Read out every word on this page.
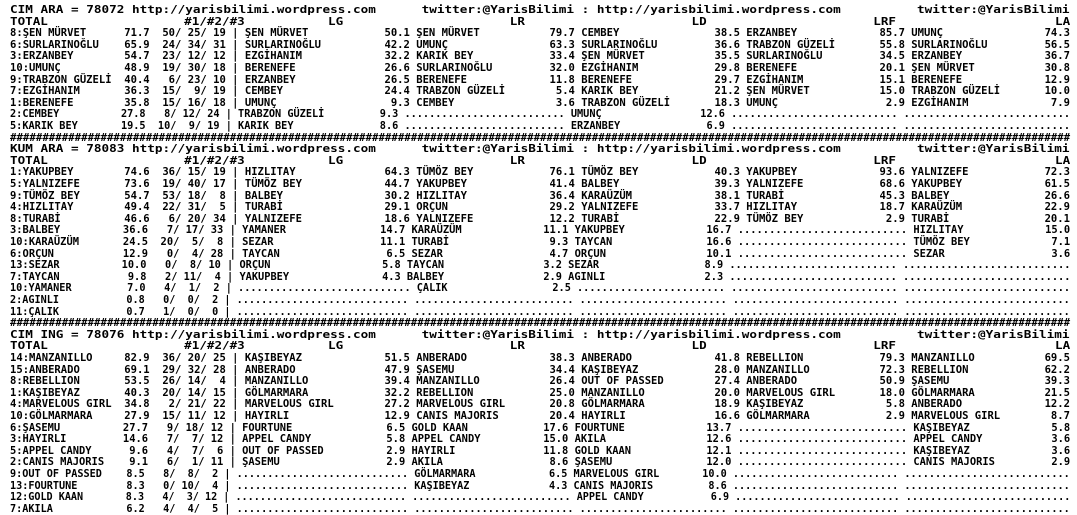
CIM ARA = 78072 http://yarisbilimi.wordpress.com      twitter:@YarisBilimi : http://yarisbilimi.wordpress.com          twitter:@YarisBilimi
TOTAL                  #1/#2/#3           LG                      LR                      LD                      LRF                     LA
8:ŞEN MÜRVET      71.7  50/ 25/ 19 | ŞEN MÜRVET            50.1 ŞEN MÜRVET           79.7 CEMBEY               38.5 ERZANBEY             85.7 UMUNÇ                74.3
6:SURLARINOĞLU    65.9  24/ 34/ 31 | SURLARINOĞLU          42.2 UMUNÇ                63.3 SURLARINOĞLU         36.6 TRABZON GÜZELİ       55.8 SURLARINOĞLU         56.5
3:ERZANBEY        54.7  23/ 12/ 12 | EZGİHANIM             32.2 KARIK BEY            33.4 ŞEN MÜRVET           35.5 SURLARINOĞLU         34.5 ERZANBEY             36.7
10:UMUNÇ          48.9  19/ 30/ 18 | BERENEFE              26.6 SURLARINOĞLU         32.0 EZGİHANIM            29.8 BERENEFE             20.1 ŞEN MÜRVET           30.8
9:TRABZON GÜZELİ  40.4   6/ 23/ 10 | ERZANBEY              26.5 BERENEFE             11.8 BERENEFE             29.7 EZGİHANIM            15.1 BERENEFE             12.9
7:EZGİHANIM       36.3  15/  9/ 19 | CEMBEY                24.4 TRABZON GÜZELİ        5.4 KARIK BEY            21.2 ŞEN MÜRVET           15.0 TRABZON GÜZELİ       10.0
1:BERENEFE        35.8  15/ 16/ 18 | UMUNÇ                  9.3 CEMBEY                3.6 TRABZON GÜZELİ       18.3 UMUNÇ                 2.9 EZGİHANIM             7.9
2:CEMBEY          27.8   8/ 12/ 24 | TRABZON GÜZELİ         9.3 .......................... UMUNÇ                12.6 ........................... ...........................
5:KARIK BEY       19.5  10/  9/ 19 | KARIK BEY              8.6 .......................... ERZANBEY              6.9 ........................... ...........................
####################################################################################################################################################################
KUM ARA = 78083 http://yarisbilimi.wordpress.com      twitter:@YarisBilimi : http://yarisbilimi.wordpress.com          twitter:@YarisBilimi
TOTAL                  #1/#2/#3           LG                      LR                      LD                      LRF                     LA
1:YAKUPBEY        74.6  36/ 15/ 19 | HIZLITAY              64.3 TÜMÖZ BEY            76.1 TÜMÖZ BEY            40.3 YAKUPBEY             93.6 YALNIZEFE            72.3
5:YALNIZEFE       73.6  19/ 40/ 17 | TÜMÖZ BEY             44.7 YAKUPBEY             41.4 BALBEY               39.3 YALNIZEFE            68.6 YAKUPBEY             61.5
9:TÜMÖZ BEY       54.7  53/ 18/  8 | BALBEY                30.2 HIZLITAY             36.4 KARAÜZÜM             38.1 TURABİ               45.3 BALBEY               26.6
4:HIZLITAY        49.4  22/ 31/  5 | TURABİ                29.1 ORÇUN                29.2 YALNIZEFE            33.7 HIZLITAY             18.7 KARAÜZÜM             22.9
8:TURABİ          46.6   6/ 20/ 34 | YALNIZEFE             18.6 YALNIZEFE            12.2 TURABİ               22.9 TÜMÖZ BEY             2.9 TURABİ               20.1
3:BALBEY          36.6   7/ 17/ 33 | YAMANER               14.7 KARAÜZÜM             11.1 YAKUPBEY             16.7 ........................... HIZLITAY             15.0
10:KARAÜZÜM       24.5  20/  5/  8 | SEZAR                 11.1 TURABİ                9.3 TAYCAN               16.6 ........................... TÜMÖZ BEY             7.1
6:ORÇUN           12.9   0/  4/ 28 | TAYCAN                 6.5 SEZAR                 4.7 ORÇUN                10.1 ........................... SEZAR                 3.6
13:SEZAR          10.0   0/  8/ 10 | ORÇUN                  5.8 TAYCAN                3.2 SEZAR                 8.9 ........................... ...........................
7:TAYCAN           9.8   2/ 11/  4 | YAKUPBEY               4.3 BALBEY                2.9 AGINLI                2.3 ........................... ...........................
10:YAMANER         7.0   4/  1/  2 | ............................ ÇALIK                 2.5 ........................ ........................... ...........................
2:AGINLI           0.8   0/  0/  2 | ............................ .......................... ........................ ........................... ...........................
11:ÇALIK           0.7   1/  0/  0 | ............................ .......................... ........................ ........................... ...........................
####################################################################################################################################################################
CIM ING = 78076 http://yarisbilimi.wordpress.com      twitter:@YarisBilimi : http://yarisbilimi.wordpress.com          twitter:@YarisBilimi
TOTAL                  #1/#2/#3           LG                      LR                      LD                      LRF                     LA
14:MANZANILLO     82.9  36/ 20/ 25 | KAŞIBEYAZ             51.5 ANBERADO             38.3 ANBERADO             41.8 REBELLION            79.3 MANZANILLO           69.5
15:ANBERADO       69.1  29/ 32/ 28 | ANBERADO              47.9 ŞASEMU               34.4 KAŞIBEYAZ            28.0 MANZANILLO           72.3 REBELLION            62.2
8:REBELLION       53.5  26/ 14/  4 | MANZANILLO            39.4 MANZANILLO           26.4 OUT OF PASSED        27.4 ANBERADO             50.9 ŞASEMU               39.3
1:KAŞIBEYAZ       40.3  20/ 14/ 15 | GÖLMARMARA            32.2 REBELLION            25.0 MANZANILLO           20.0 MARVELOUS GIRL       18.0 GÖLMARMARA           21.5
4:MARVELOUS GIRL  34.8   2/ 21/ 22 | MARVELOUS GIRL        27.2 MARVELOUS GIRL       20.8 GÖLMARMARA           18.9 KAŞIBEYAZ             5.8 ANBERADO             12.2
10:GÖLMARMARA     27.9  15/ 11/ 12 | HAYIRLI               12.9 CANIS MAJORIS        20.4 HAYIRLI              16.6 GÖLMARMARA            2.9 MARVELOUS GIRL        8.7
6:ŞASEMU          27.7   9/ 18/ 12 | FOURTUNE               6.5 GOLD KAAN            17.6 FOURTUNE             13.7 ........................... KAŞIBEYAZ             5.8
3:HAYIRLI         14.6   7/  7/ 12 | APPEL CANDY            5.8 APPEL CANDY          15.0 AKILA                12.6 ........................... APPEL CANDY           3.6
5:APPEL CANDY      9.6   4/  7/  6 | OUT OF PASSED          2.9 HAYIRLI              11.8 GOLD KAAN            12.1 ........................... KAŞIBEYAZ             3.6
2:CANIS MAJORIS    9.1   6/  1/ 11 | ŞASEMU                 2.9 AKILA                 8.6 ŞASEMU               12.0 ........................... CANIS MAJORIS         2.9
9:OUT OF PASSED    8.5   8/  8/  2 | ............................ GÖLMARMARA            6.5 MARVELOUS GIRL       10.0 ........................... ...........................
13:FOURTUNE        8.3   0/ 10/  4 | ............................ KAŞIBEYAZ             4.3 CANIS MAJORIS         8.6 ........................... ...........................
12:GOLD KAAN       8.3   4/  3/ 12 | ............................ .......................... APPEL CANDY           6.9 ........................... ...........................
7:AKILA            6.2   4/  4/  5 | ............................ .......................... ........................ ........................... ...........................
